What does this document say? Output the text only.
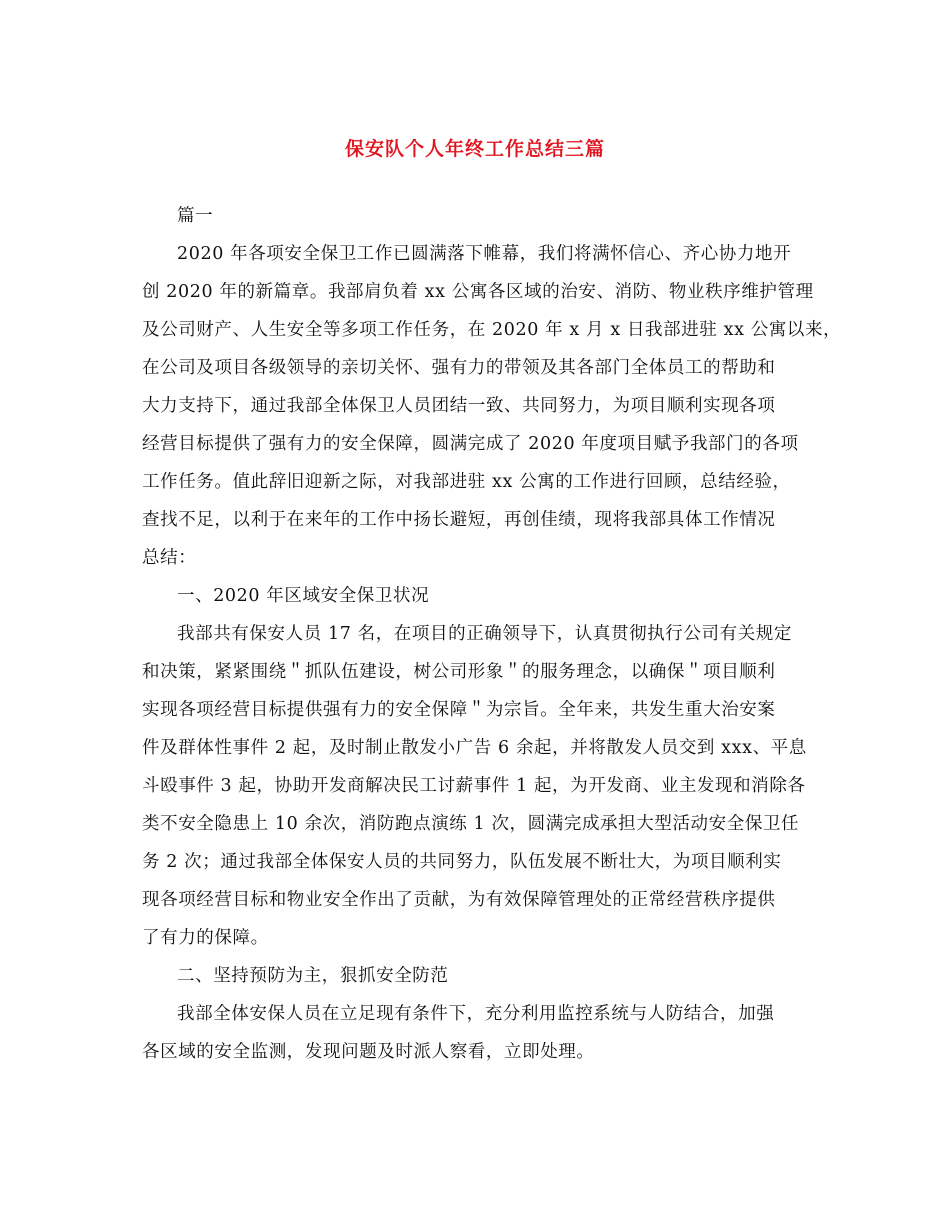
保安队个人年终工作总结三篇

篇一

2020 年各项安全保卫工作已圆满落下帷幕，我们将满怀信心、齐心协力地开

创 2020 年的新篇章。我部肩负着 xx 公寓各区域的治安、消防、物业秩序维护管理

及公司财产、人生安全等多项工作任务，在 2020 年 x 月 x 日我部进驻 xx 公寓以来，

在公司及项目各级领导的亲切关怀、强有力的带领及其各部门全体员工的帮助和

大力支持下，通过我部全体保卫人员团结一致、共同努力，为项目顺利实现各项

经营目标提供了强有力的安全保障，圆满完成了 2020 年度项目赋予我部门的各项

工作任务。值此辞旧迎新之际，对我部进驻 xx 公寓的工作进行回顾，总结经验，

查找不足，以利于在来年的工作中扬长避短，再创佳绩，现将我部具体工作情况

总结：

一、2020 年区域安全保卫状况

我部共有保安人员 17 名，在项目的正确领导下，认真贯彻执行公司有关规定

和决策，紧紧围绕＂抓队伍建设，树公司形象＂的服务理念，以确保＂项目顺利

实现各项经营目标提供强有力的安全保障＂为宗旨。全年来，共发生重大治安案

件及群体性事件 2 起，及时制止散发小广告 6 余起，并将散发人员交到 xxx、平息

斗殴事件 3 起，协助开发商解决民工讨薪事件 1 起，为开发商、业主发现和消除各

类不安全隐患上 10 余次，消防跑点演练 1 次，圆满完成承担大型活动安全保卫任

务 2 次；通过我部全体保安人员的共同努力，队伍发展不断壮大，为项目顺利实

现各项经营目标和物业安全作出了贡献，为有效保障管理处的正常经营秩序提供

了有力的保障。

二、坚持预防为主，狠抓安全防范

我部全体安保人员在立足现有条件下，充分利用监控系统与人防结合，加强

各区域的安全监测，发现问题及时派人察看，立即处理。
